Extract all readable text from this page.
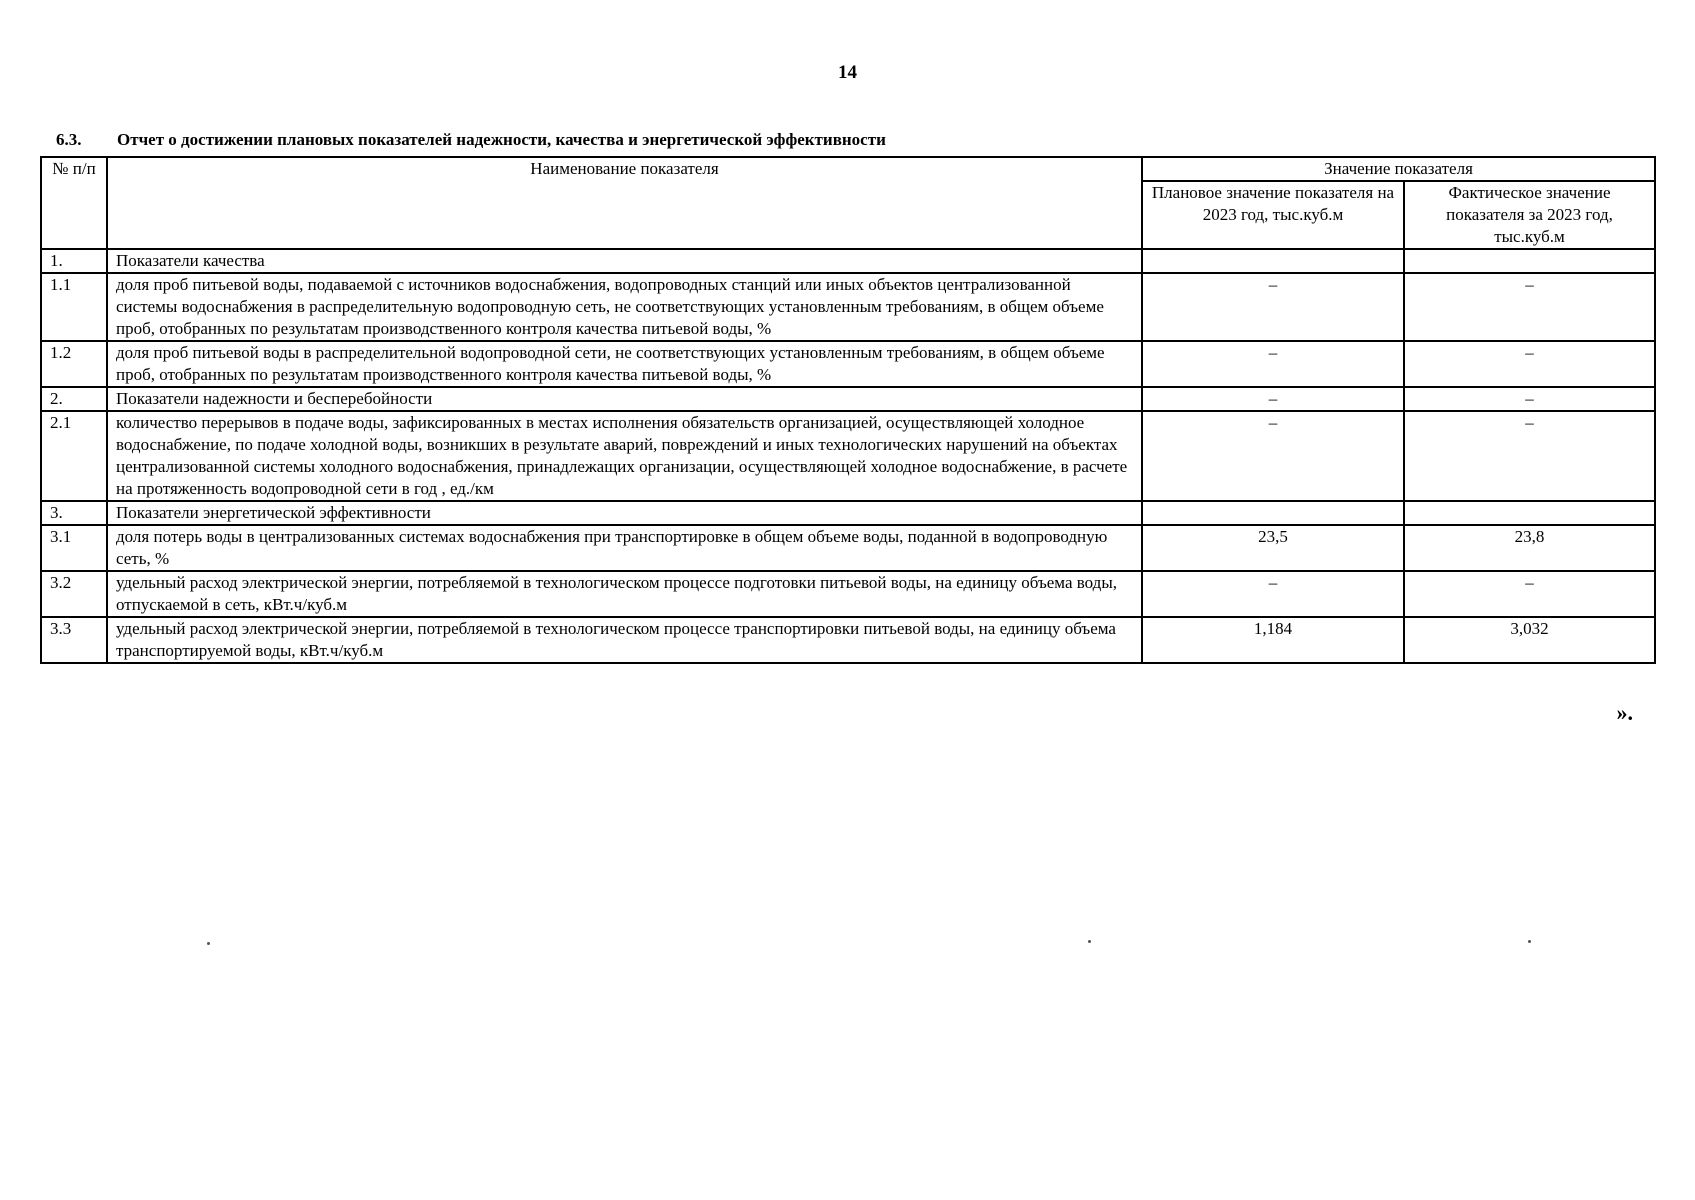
14
6.3. Отчет о достижении плановых показателей надежности, качества и энергетической эффективности
№ п/п	Наименование показателя	Значение показателя	
		Плановое значение показателя на 2023 год, тыс.куб.м	Фактическое значение показателя за 2023 год, тыс.куб.м
1.	Показатели качества		
1.1	доля проб питьевой воды, подаваемой с источников водоснабжения, водопроводных станций или иных объектов централизованной системы водоснабжения в распределительную водопроводную сеть, не соответствующих установленным требованиям, в общем объеме проб, отобранных по результатам производственного контроля качества питьевой воды, %	–	–
1.2	доля проб питьевой воды в распределительной водопроводной сети, не соответствующих установленным требованиям, в общем объеме проб, отобранных по результатам производственного контроля качества питьевой воды, %	–	–
2.	Показатели надежности и бесперебойности	–	–
2.1	количество перерывов в подаче воды, зафиксированных в местах исполнения обязательств организацией, осуществляющей холодное водоснабжение, по подаче холодной воды, возникших в результате аварий, повреждений и иных технологических нарушений на объектах централизованной системы холодного водоснабжения, принадлежащих организации, осуществляющей холодное водоснабжение, в расчете на протяженность водопроводной сети в год , ед./км	–	–
3.	Показатели энергетической эффективности		
3.1	доля потерь воды в централизованных системах водоснабжения при транспортировке в общем объеме воды, поданной в водопроводную сеть, %	23,5	23,8
3.2	удельный расход электрической энергии, потребляемой в технологическом процессе подготовки питьевой воды, на единицу объема воды, отпускаемой в сеть, кВт.ч/куб.м	–	–
3.3	удельный расход электрической энергии, потребляемой в технологическом процессе транспортировки питьевой воды, на единицу объема транспортируемой воды, кВт.ч/куб.м	1,184	3,032
».
